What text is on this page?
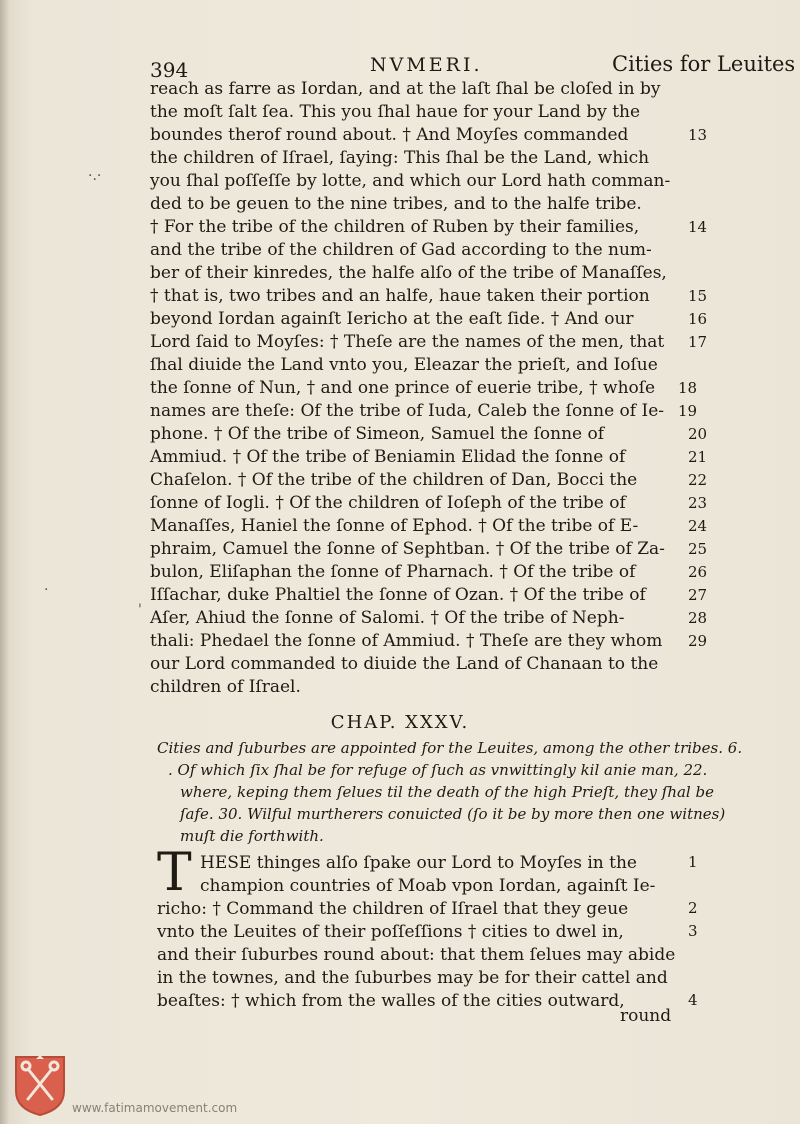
394	NVMERI.	Cities for Leuites
reach as farre as Iordan, and at the laſt ſhal be cloſed in by
the moſt ſalt ſea. This you ſhal haue for your Land by the
boundes therof round about. † And Moyſes commanded	13
the children of Iſrael, ſaying: This ſhal be the Land, which
you ſhal poſſeſſe by lotte, and which our Lord hath comman-
ded to be geuen to the nine tribes, and to the halfe tribe.
† For the tribe of the children of Ruben by their families,	14
and the tribe of the children of Gad according to the num-
ber of their kinredes, the halfe alſo of the tribe of Manaſſes,
† that is, two tribes and an halfe, haue taken their portion	15
beyond Iordan againſt Iericho at the eaſt ſide. † And our	16
Lord ſaid to Moyſes: † Theſe are the names of the men, that	17
ſhal diuide the Land vnto you, Eleazar the prieſt, and Ioſue
the ſonne of Nun, † and one prince of euerie tribe, † whoſe	18 19
names are theſe: Of the tribe of Iuda, Caleb the ſonne of Ie-
phone. † Of the tribe of Simeon, Samuel the ſonne of	20
Ammiud. † Of the tribe of Beniamin Elidad the ſonne of	21
Chaſelon. † Of the tribe of the children of Dan, Bocci the	22
ſonne of Iogli. † Of the children of Ioſeph of the tribe of	23
Manaſſes, Haniel the ſonne of Ephod. † Of the tribe of E-	24
phraim, Camuel the ſonne of Sephtban. † Of the tribe of Za-	25
bulon, Eliſaphan the ſonne of Pharnach. † Of the tribe of	26
Iſſachar, duke Phaltiel the ſonne of Ozan. † Of the tribe of	27
Aſer, Ahiud the ſonne of Salomi. † Of the tribe of Neph-	28
thali: Phedael the ſonne of Ammiud. † Theſe are they whom	29
our Lord commanded to diuide the Land of Chanaan to the
children of Iſrael.
·.·
·
'
CHAP. XXXV.
Cities and ſuburbes are appointed for the Leuites, among the other tribes. 6.
. Of which ſix ſhal be for refuge of ſuch as vnwittingly kil anie man, 22.
where, keping them ſelues til the death of the high Prieſt, they ſhal be
ſafe. 30. Wilful murtherers conuicted (ſo it be by more then one witnes)
muſt die forthwith.
T HESE thinges alſo ſpake our Lord to Moyſes in the	1
champion countries of Moab vpon Iordan, againſt Ie-
richo: † Command the children of Iſrael that they geue	2
vnto the Leuites of their poſſeſſions † cities to dwel in,	3
and their ſuburbes round about: that them ſelues may abide
in the townes, and the ſuburbes may be for their cattel and
beaſtes: † which from the walles of the cities outward,	4
round
www.fatimamovement.com
